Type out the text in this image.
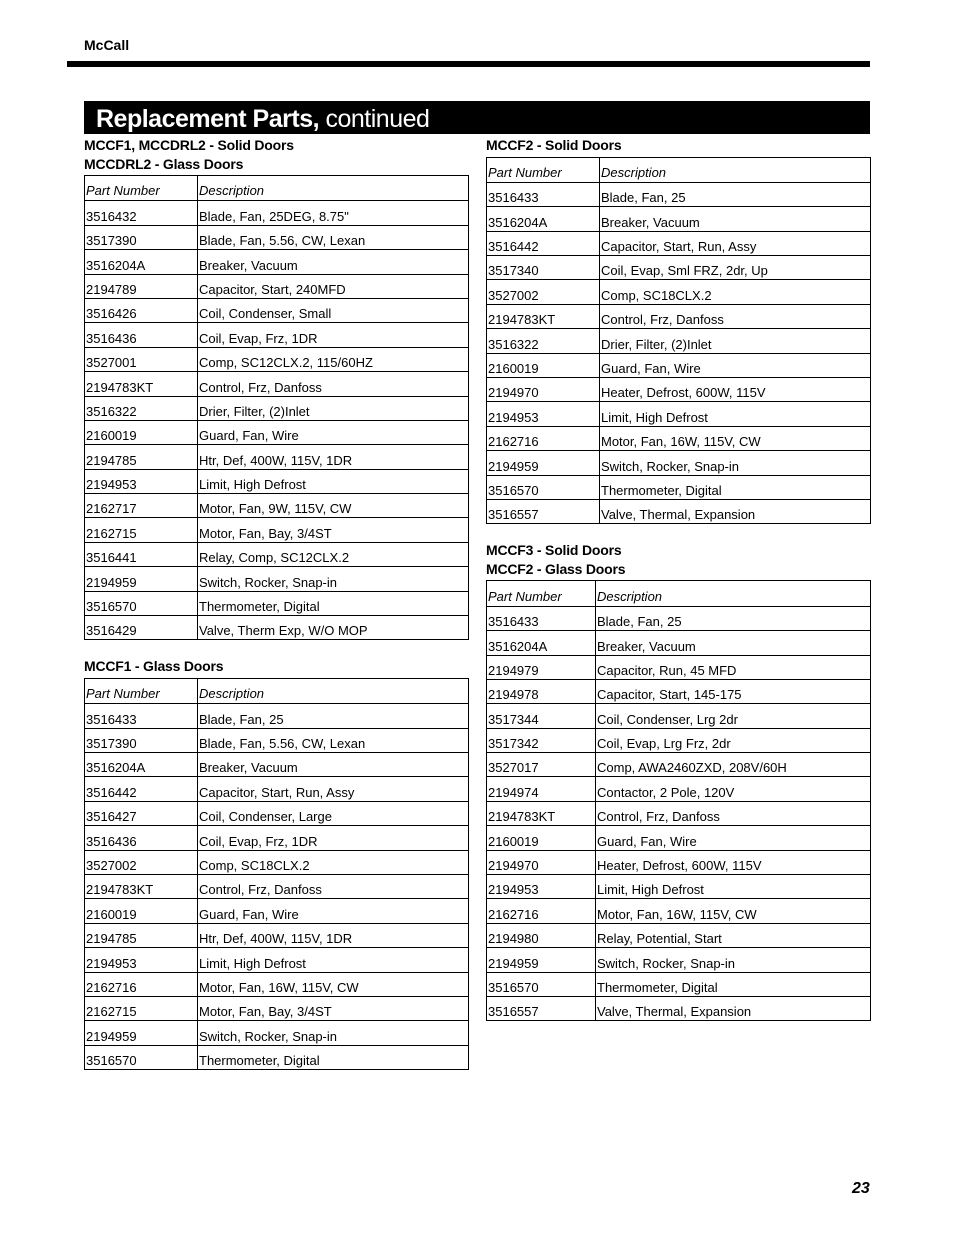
McCall
Replacement Parts, continued
MCCF1, MCCDRL2 - Solid Doors
MCCDRL2 - Glass Doors
Part Number	Description
3516432	Blade, Fan, 25DEG, 8.75"
3517390	Blade, Fan, 5.56, CW, Lexan
3516204A	Breaker, Vacuum
2194789	Capacitor, Start, 240MFD
3516426	Coil, Condenser, Small
3516436	Coil, Evap, Frz, 1DR
3527001	Comp, SC12CLX.2, 115/60HZ
2194783KT	Control, Frz, Danfoss
3516322	Drier, Filter, (2)Inlet
2160019	Guard, Fan, Wire
2194785	Htr, Def, 400W, 115V, 1DR
2194953	Limit, High Defrost
2162717	Motor, Fan, 9W, 115V, CW
2162715	Motor, Fan, Bay, 3/4ST
3516441	Relay, Comp, SC12CLX.2
2194959	Switch, Rocker, Snap-in
3516570	Thermometer, Digital
3516429	Valve, Therm Exp, W/O MOP
MCCF1 - Glass Doors
Part Number	Description
3516433	Blade, Fan, 25
3517390	Blade, Fan, 5.56, CW, Lexan
3516204A	Breaker, Vacuum
3516442	Capacitor, Start, Run, Assy
3516427	Coil, Condenser, Large
3516436	Coil, Evap, Frz, 1DR
3527002	Comp, SC18CLX.2
2194783KT	Control, Frz, Danfoss
2160019	Guard, Fan, Wire
2194785	Htr, Def, 400W, 115V, 1DR
2194953	Limit, High Defrost
2162716	Motor, Fan, 16W, 115V, CW
2162715	Motor, Fan, Bay, 3/4ST
2194959	Switch, Rocker, Snap-in
3516570	Thermometer, Digital
MCCF2 - Solid Doors
Part Number	Description
3516433	Blade, Fan, 25
3516204A	Breaker, Vacuum
3516442	Capacitor, Start, Run, Assy
3517340	Coil, Evap, Sml FRZ, 2dr, Up
3527002	Comp, SC18CLX.2
2194783KT	Control, Frz, Danfoss
3516322	Drier, Filter, (2)Inlet
2160019	Guard, Fan, Wire
2194970	Heater, Defrost, 600W, 115V
2194953	Limit, High Defrost
2162716	Motor, Fan, 16W, 115V, CW
2194959	Switch, Rocker, Snap-in
3516570	Thermometer, Digital
3516557	Valve, Thermal, Expansion
MCCF3 - Solid Doors
MCCF2 - Glass Doors
Part Number	Description
3516433	Blade, Fan, 25
3516204A	Breaker, Vacuum
2194979	Capacitor, Run, 45 MFD
2194978	Capacitor, Start, 145-175
3517344	Coil, Condenser, Lrg 2dr
3517342	Coil, Evap, Lrg Frz, 2dr
3527017	Comp, AWA2460ZXD, 208V/60H
2194974	Contactor, 2 Pole, 120V
2194783KT	Control, Frz, Danfoss
2160019	Guard, Fan, Wire
2194970	Heater, Defrost, 600W, 115V
2194953	Limit, High Defrost
2162716	Motor, Fan, 16W, 115V, CW
2194980	Relay, Potential, Start
2194959	Switch, Rocker, Snap-in
3516570	Thermometer, Digital
3516557	Valve, Thermal, Expansion
23
